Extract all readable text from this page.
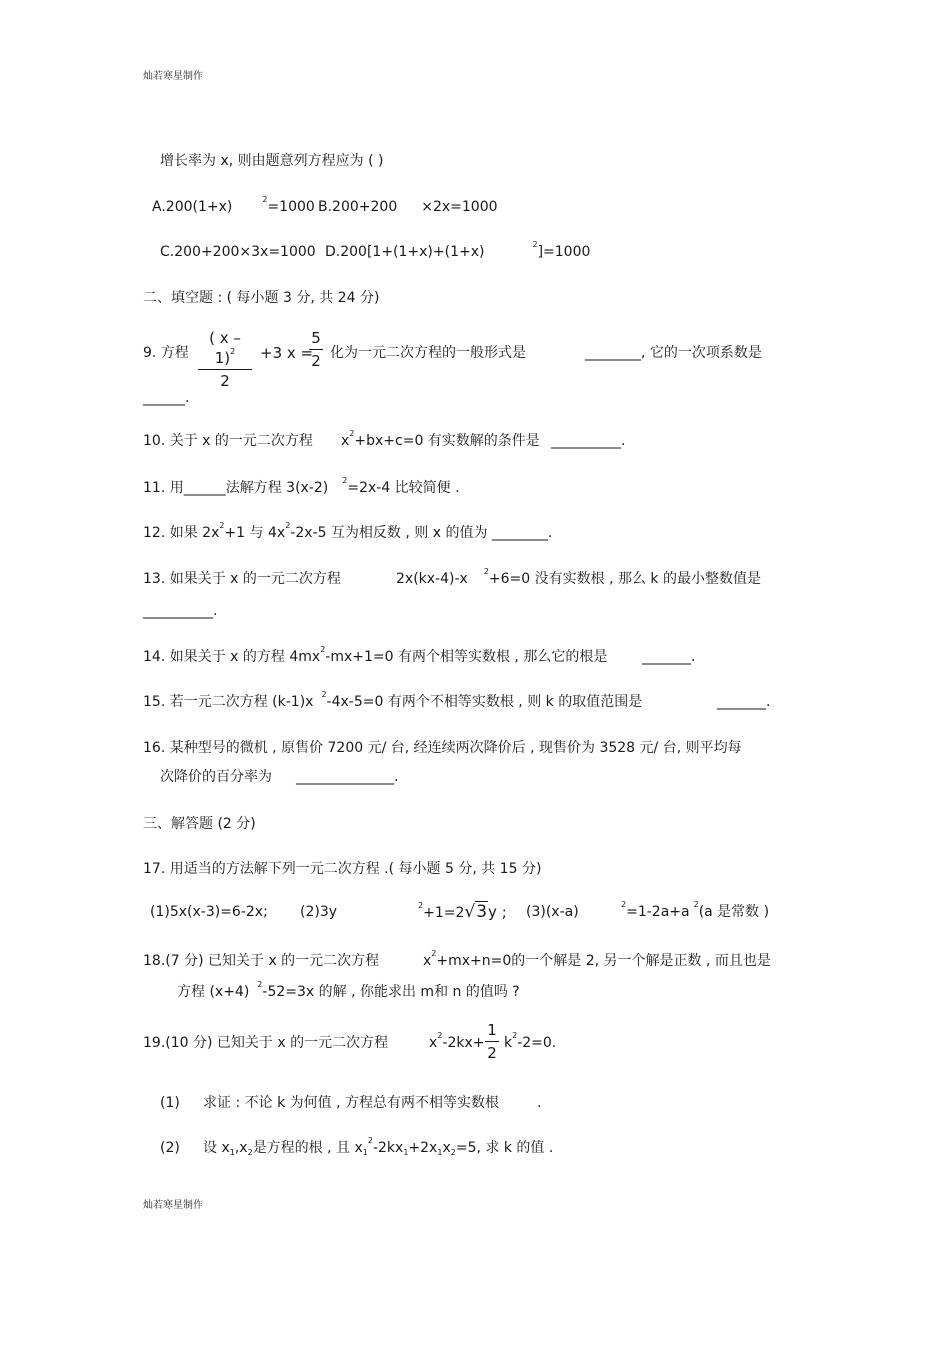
灿若寒星制作
增长率为 x, 则由题意列方程应为 ( )
A.200(1+x)	$^2$=1000 B.200+200 ×2x=1000
C.200+200×3x=1000 D.200[1+(1+x)+(1+x)	$^2$]=1000
二、填空题 : ( 每小题 3 分, 共 24 分)
9. 方程
( x – 1)$^2$
2
+3 x =
5
2 化为一元二次方程的一般形式是	________, 它的一次项系数是
______.
10. 关于 x 的一元二次方程 $x^2+bx+c=0$ 有实数解的条件是 __________.
11. 用______法解方程 3(x-2) $^2$=2x-4 比较简便 .
12. 如果 $2x^2+1$ 与 $4x^2-2x-5$ 互为相反数 , 则 x 的值为 ________.
13. 如果关于 x 的一元二次方程	2x(kx-4)-x $^2$+6=0 没有实数根 , 那么 k 的最小整数值是
__________.
14. 如果关于 x 的方程 $4mx^2-mx+1=0$ 有两个相等实数根 , 那么它的根是 _______.
15. 若一元二次方程 (k-1)x $^2$-4x-5=0 有两个不相等实数根 , 则 k 的取值范围是	_______.
16. 某种型号的微机 , 原售价 7200 元/ 台, 经连续两次降价后 , 现售价为 3528 元/ 台, 则平均每
次降价的百分率为 ______________.
三、解答题 (2 分)
17. 用适当的方法解下列一元二次方程 .( 每小题 5 分, 共 15 分)
(1)5x(x-3)=6-2x; (2)3y	$^2$+1=2√3y ; (3)(x-a)	$^2$=1-2a+a $^2$(a 是常数 )
18.(7 分) 已知关于 x 的一元二次方程	$x^2+mx+n=0$的一个解是 2, 另一个解是正数 , 而且也是
方程 (x+4) $^2$-52=3x 的解 , 你能求出 m和 n 的值吗 ?
19.(10 分) 已知关于 x 的一元二次方程	$x^2-2kx+$
1
2
$k^2-2=0$.
(1) 求证 : 不论 k 为何值 , 方程总有两不相等实数根	.
(2) 设 $x_1,x_2$是方程的根 , 且 $x_1^2-2kx_1+2x_1x_2=5$, 求 k 的值 .
灿若寒星制作
